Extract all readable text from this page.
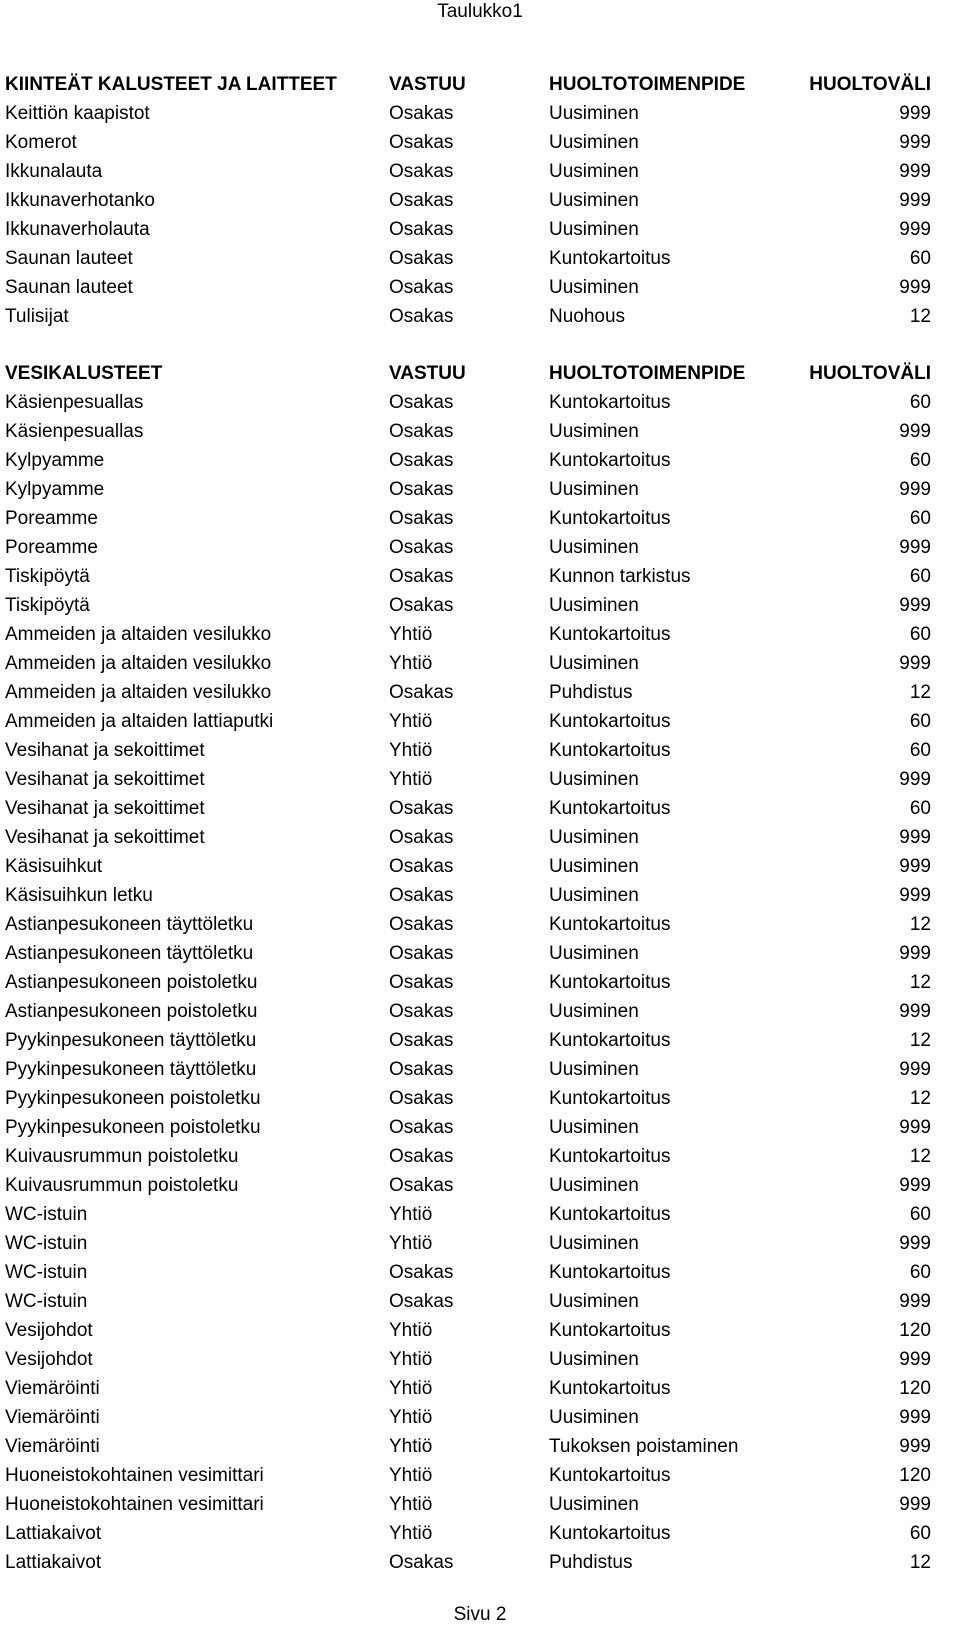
Taulukko1
KIINTEÄT KALUSTEET JA LAITTEET	VASTUU	HUOLTOTOIMENPIDE	HUOLTOVÄLI
Keittiön kaapistot	Osakas	Uusiminen	999
Komerot	Osakas	Uusiminen	999
Ikkunalauta	Osakas	Uusiminen	999
Ikkunaverhotanko	Osakas	Uusiminen	999
Ikkunaverholauta	Osakas	Uusiminen	999
Saunan lauteet	Osakas	Kuntokartoitus	60
Saunan lauteet	Osakas	Uusiminen	999
Tulisijat	Osakas	Nuohous	12

VESIKALUSTEET	VASTUU	HUOLTOTOIMENPIDE	HUOLTOVÄLI
Käsienpesuallas	Osakas	Kuntokartoitus	60
Käsienpesuallas	Osakas	Uusiminen	999
Kylpyamme	Osakas	Kuntokartoitus	60
Kylpyamme	Osakas	Uusiminen	999
Poreamme	Osakas	Kuntokartoitus	60
Poreamme	Osakas	Uusiminen	999
Tiskipöytä	Osakas	Kunnon tarkistus	60
Tiskipöytä	Osakas	Uusiminen	999
Ammeiden ja altaiden vesilukko	Yhtiö	Kuntokartoitus	60
Ammeiden ja altaiden vesilukko	Yhtiö	Uusiminen	999
Ammeiden ja altaiden vesilukko	Osakas	Puhdistus	12
Ammeiden ja altaiden lattiaputki	Yhtiö	Kuntokartoitus	60
Vesihanat ja sekoittimet	Yhtiö	Kuntokartoitus	60
Vesihanat ja sekoittimet	Yhtiö	Uusiminen	999
Vesihanat ja sekoittimet	Osakas	Kuntokartoitus	60
Vesihanat ja sekoittimet	Osakas	Uusiminen	999
Käsisuihkut	Osakas	Uusiminen	999
Käsisuihkun letku	Osakas	Uusiminen	999
Astianpesukoneen täyttöletku	Osakas	Kuntokartoitus	12
Astianpesukoneen täyttöletku	Osakas	Uusiminen	999
Astianpesukoneen poistoletku	Osakas	Kuntokartoitus	12
Astianpesukoneen poistoletku	Osakas	Uusiminen	999
Pyykinpesukoneen täyttöletku	Osakas	Kuntokartoitus	12
Pyykinpesukoneen täyttöletku	Osakas	Uusiminen	999
Pyykinpesukoneen poistoletku	Osakas	Kuntokartoitus	12
Pyykinpesukoneen poistoletku	Osakas	Uusiminen	999
Kuivausrummun poistoletku	Osakas	Kuntokartoitus	12
Kuivausrummun poistoletku	Osakas	Uusiminen	999
WC-istuin	Yhtiö	Kuntokartoitus	60
WC-istuin	Yhtiö	Uusiminen	999
WC-istuin	Osakas	Kuntokartoitus	60
WC-istuin	Osakas	Uusiminen	999
Vesijohdot	Yhtiö	Kuntokartoitus	120
Vesijohdot	Yhtiö	Uusiminen	999
Viemäröinti	Yhtiö	Kuntokartoitus	120
Viemäröinti	Yhtiö	Uusiminen	999
Viemäröinti	Yhtiö	Tukoksen poistaminen	999
Huoneistokohtainen vesimittari	Yhtiö	Kuntokartoitus	120
Huoneistokohtainen vesimittari	Yhtiö	Uusiminen	999
Lattiakaivot	Yhtiö	Kuntokartoitus	60
Lattiakaivot	Osakas	Puhdistus	12
Sivu 2
